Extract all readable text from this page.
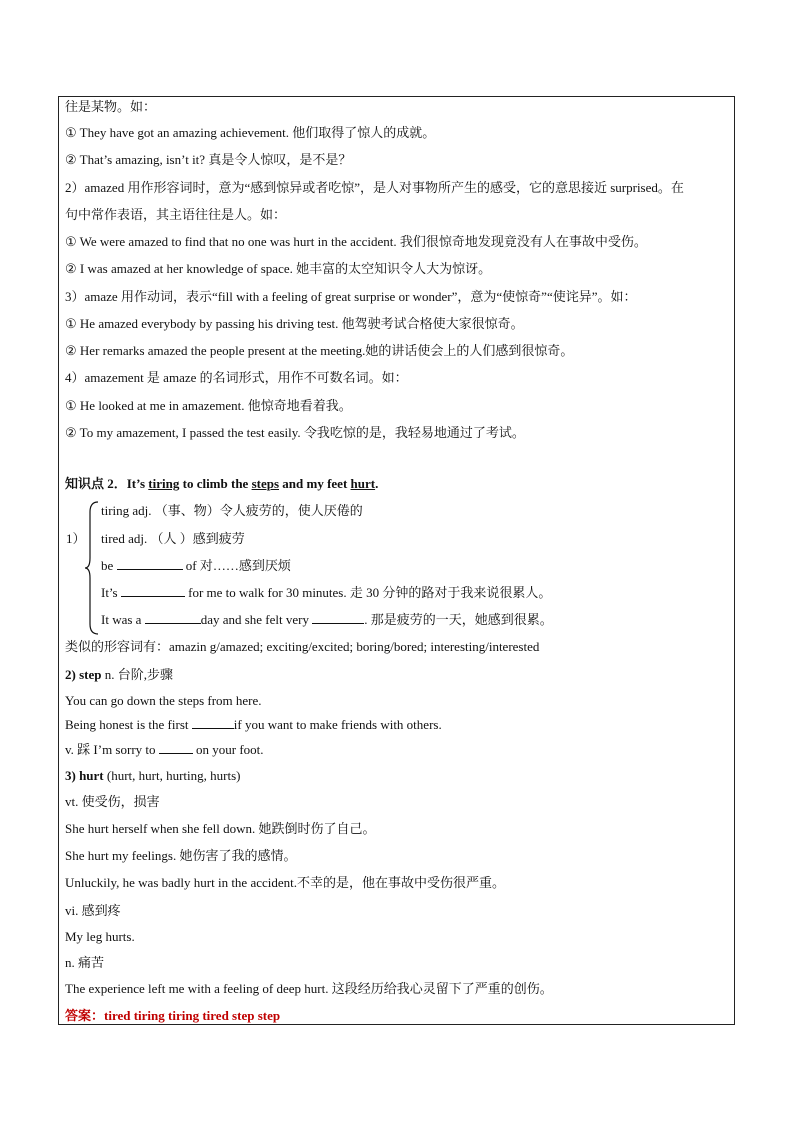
往是某物。如：
① They have got an amazing achievement. 他们取得了惊人的成就。
② That’s amazing, isn’t it? 真是令人惊叹，是不是？
2）amazed 用作形容词时，意为“感到惊异或者吃惊”，是人对事物所产生的感受，它的意思接近 surprised。在
句中常作表语，其主语往往是人。如：
① We were amazed to find that no one was hurt in the accident. 我们很惊奇地发现竟没有人在事故中受伤。
② I was amazed at her knowledge of space. 她丰富的太空知识令人大为惊讶。
3）amaze 用作动词，表示“fill with a feeling of great surprise or wonder”，意为“使惊奇”“使诧异”。如：
① He amazed everybody by passing his driving test. 他驾驶考试合格使大家很惊奇。
② Her remarks amazed the people present at the meeting.她的讲话使会上的人们感到很惊奇。
4）amazement 是 amaze 的名词形式，用作不可数名词。如：
① He looked at me in amazement. 他惊奇地看着我。
② To my amazement, I passed the test easily. 令我吃惊的是，我轻易地通过了考试。
知识点 2．It’s tiring to climb the steps and my feet hurt.
1）
tiring adj. （事、物）令人疲劳的，使人厌倦的
tired adj. （人 ）感到疲劳
be	of 对……感到厌烦
It’s	for me to walk for 30 minutes. 走 30 分钟的路对于我来说很累人。
It was a	day and she felt very	. 那是疲劳的一天，她感到很累。
类似的形容词有：amazin g/amazed; exciting/excited; boring/bored; interesting/interested
2) step n. 台阶,步骤
You can go down the steps from here.
Being honest is the first	if you want to make friends with others.
v. 踩 I’m sorry to	on your foot.
3) hurt (hurt, hurt, hurting, hurts)
vt. 使受伤，损害
She hurt herself when she fell down. 她跌倒时伤了自己。
She hurt my feelings. 她伤害了我的感情。
Unluckily, he was badly hurt in the accident.不幸的是，他在事故中受伤很严重。
vi. 感到疼
My leg hurts.
n. 痛苦
The experience left me with a feeling of deep hurt. 这段经历给我心灵留下了严重的创伤。
答案：tired tiring tiring tired step step
